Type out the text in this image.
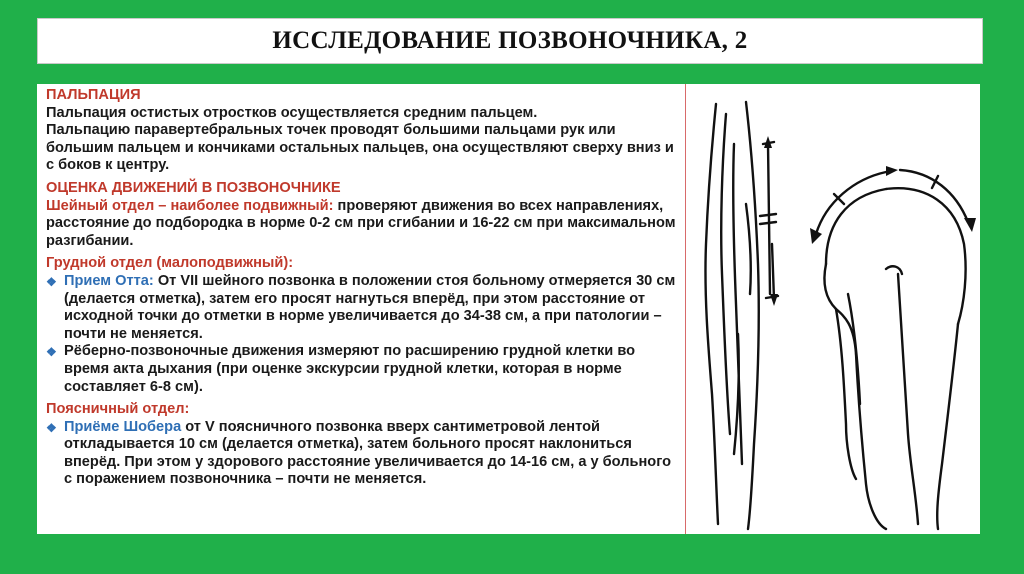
ИССЛЕДОВАНИЕ ПОЗВОНОЧНИКА, 2

ПАЛЬПАЦИЯ

Пальпация остистых отростков осуществляется средним пальцем.

Пальпацию паравертебральных точек проводят большими пальцами рук или большим пальцем и кончиками остальных пальцев, она осуществляют сверху вниз и с боков к центру.

ОЦЕНКА ДВИЖЕНИЙ В ПОЗВОНОЧНИКЕ

Шейный отдел – наиболее подвижный: проверяют движения во всех направлениях, расстояние до подбородка в норме 0-2 см при сгибании и 16-22 см при максимальном разгибании.

Грудной отдел (малоподвижный):

❖ Прием Отта: От VII шейного позвонка в положении стоя больному отмеряется 30 см (делается отметка), затем его просят нагнуться вперёд, при этом расстояние от исходной точки до отметки в норме увеличивается до 34-38 см, а при патологии – почти не меняется.
❖ Рёберно-позвоночные движения измеряют по расширению грудной клетки во время акта дыхания (при оценке экскурсии грудной клетки, которая в норме составляет 6-8 см).

Поясничный отдел:

❖ Приёме Шобера от V поясничного позвонка вверх сантиметровой лентой откладывается 10 см (делается отметка), затем больного просят наклониться вперёд. При этом у здорового расстояние увеличивается до 14-16 см, а у больного с поражением позвоночника – почти не меняется.
